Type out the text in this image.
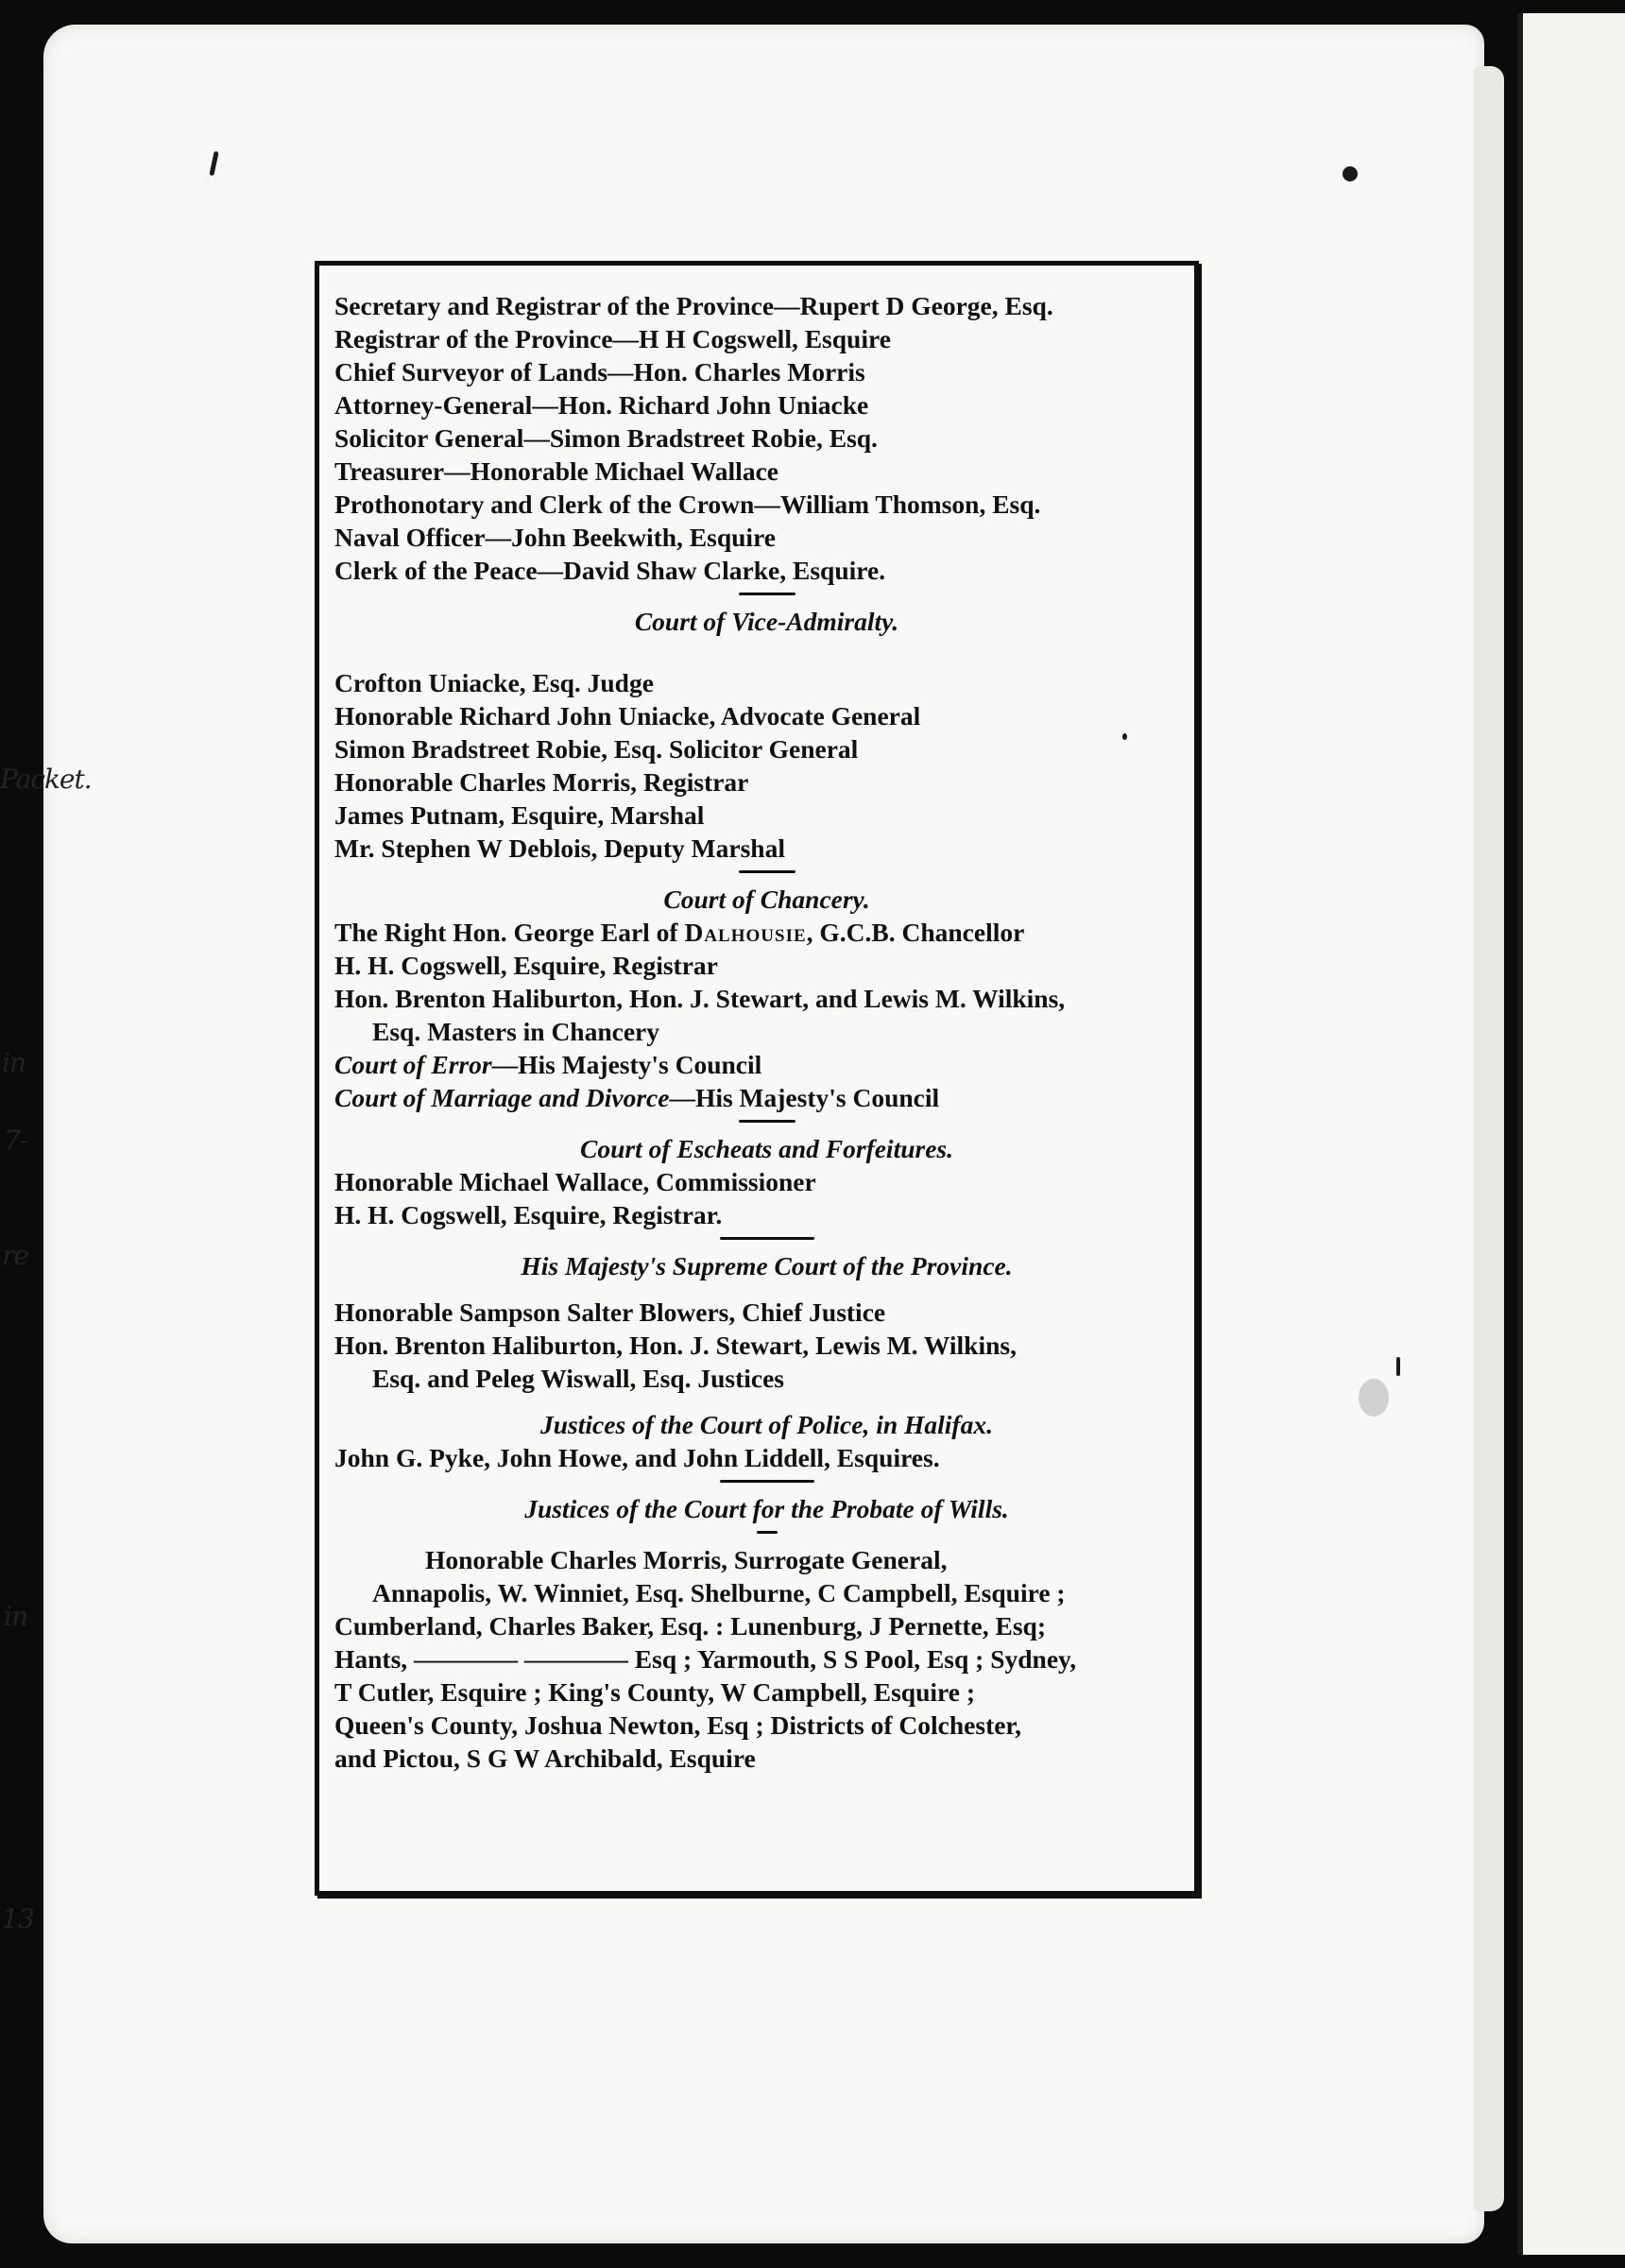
Packet.
in
7-
re
in
13
Secretary and Registrar of the Province—Rupert D George, Esq.
Registrar of the Province—H H Cogswell, Esquire
Chief Surveyor of Lands—Hon. Charles Morris
Attorney-General—Hon. Richard John Uniacke
Solicitor General—Simon Bradstreet Robie, Esq.
Treasurer—Honorable Michael Wallace
Prothonotary and Clerk of the Crown—William Thomson, Esq.
Naval Officer—John Beekwith, Esquire
Clerk of the Peace—David Shaw Clarke, Esquire.
Court of Vice-Admiralty.
Crofton Uniacke, Esq. Judge
Honorable Richard John Uniacke, Advocate General
Simon Bradstreet Robie, Esq. Solicitor General
Honorable Charles Morris, Registrar
James Putnam, Esquire, Marshal
Mr. Stephen W Deblois, Deputy Marshal
Court of Chancery.
The Right Hon. George Earl of Dalhousie, G.C.B. Chancellor
H. H. Cogswell, Esquire, Registrar
Hon. Brenton Haliburton, Hon. J. Stewart, and Lewis M. Wilkins,
Esq. Masters in Chancery
Court of Error—His Majesty's Council
Court of Marriage and Divorce—His Majesty's Council
Court of Escheats and Forfeitures.
Honorable Michael Wallace, Commissioner
H. H. Cogswell, Esquire, Registrar.
His Majesty's Supreme Court of the Province.
Honorable Sampson Salter Blowers, Chief Justice
Hon. Brenton Haliburton, Hon. J. Stewart, Lewis M. Wilkins,
Esq. and Peleg Wiswall, Esq. Justices
Justices of the Court of Police, in Halifax.
John G. Pyke, John Howe, and John Liddell, Esquires.
Justices of the Court for the Probate of Wills.
Honorable Charles Morris, Surrogate General,
Annapolis, W. Winniet, Esq. Shelburne, C Campbell, Esquire ;
Cumberland, Charles Baker, Esq. : Lunenburg, J Pernette, Esq;
Hants, ———— ———— Esq ; Yarmouth, S S Pool, Esq ; Sydney,
T Cutler, Esquire ; King's County, W Campbell, Esquire ;
Queen's County, Joshua Newton, Esq ; Districts of Colchester,
and Pictou, S G W Archibald, Esquire
